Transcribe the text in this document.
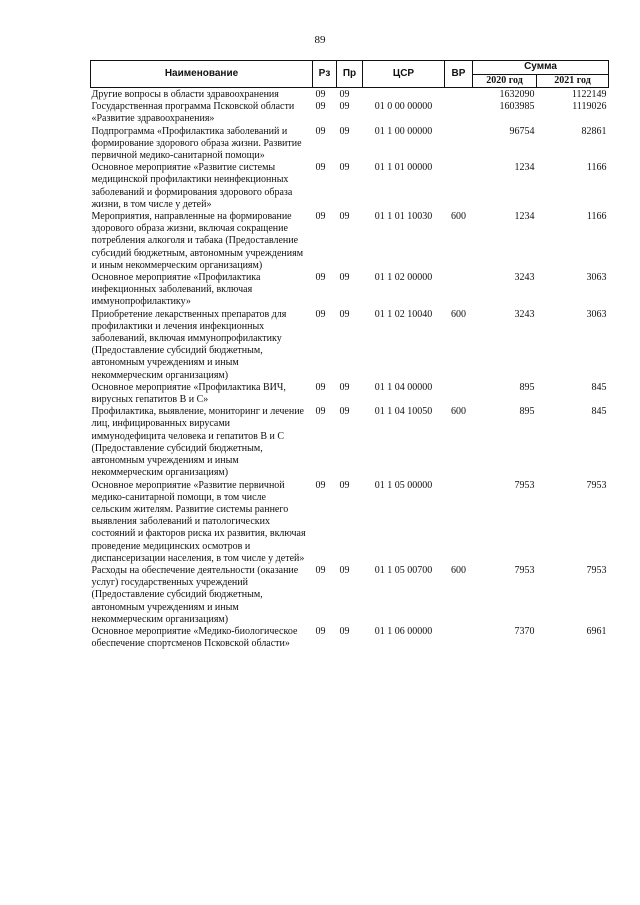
89
Наименование	Рз	Пр	ЦСР	ВР	Сумма	
					2020 год	2021 год
Другие вопросы в области здравоохранения	09	09			1632090	1122149
Государственная программа Псковской области «Развитие здравоохранения»	09	09	01 0 00 00000		1603985	1119026
Подпрограмма «Профилактика заболеваний и формирование здорового образа жизни. Развитие первичной медико-санитарной помощи»	09	09	01 1 00 00000		96754	82861
Основное мероприятие «Развитие системы медицинской профилактики неинфекционных заболеваний и формирования здорового образа жизни, в том числе у детей»	09	09	01 1 01 00000		1234	1166
Мероприятия, направленные на формирование здорового образа жизни, включая сокращение потребления алкоголя и табака (Предоставление субсидий бюджетным, автономным учреждениям и иным некоммерческим организациям)	09	09	01 1 01 10030	600	1234	1166
Основное мероприятие «Профилактика инфекционных заболеваний, включая иммунопрофилактику»	09	09	01 1 02 00000		3243	3063
Приобретение лекарственных препаратов для профилактики и лечения инфекционных заболеваний, включая иммунопрофилактику (Предоставление субсидий бюджетным, автономным учреждениям и иным некоммерческим организациям)	09	09	01 1 02 10040	600	3243	3063
Основное мероприятие «Профилактика ВИЧ, вирусных гепатитов В и С»	09	09	01 1 04 00000		895	845
Профилактика, выявление, мониторинг и лечение лиц, инфицированных вирусами иммунодефицита человека и гепатитов В и С (Предоставление субсидий бюджетным, автономным учреждениям и иным некоммерческим организациям)	09	09	01 1 04 10050	600	895	845
Основное мероприятие «Развитие первичной медико-санитарной помощи, в том числе сельским жителям. Развитие системы раннего выявления заболеваний и патологических состояний и факторов риска их развития, включая проведение медицинских осмотров и диспансеризации населения, в том числе у детей»	09	09	01 1 05 00000		7953	7953
Расходы на обеспечение деятельности (оказание услуг) государственных учреждений (Предоставление субсидий бюджетным, автономным учреждениям и иным некоммерческим организациям)	09	09	01 1 05 00700	600	7953	7953
Основное мероприятие «Медико-биологическое обеспечение спортсменов Псковской области»	09	09	01 1 06 00000		7370	6961
